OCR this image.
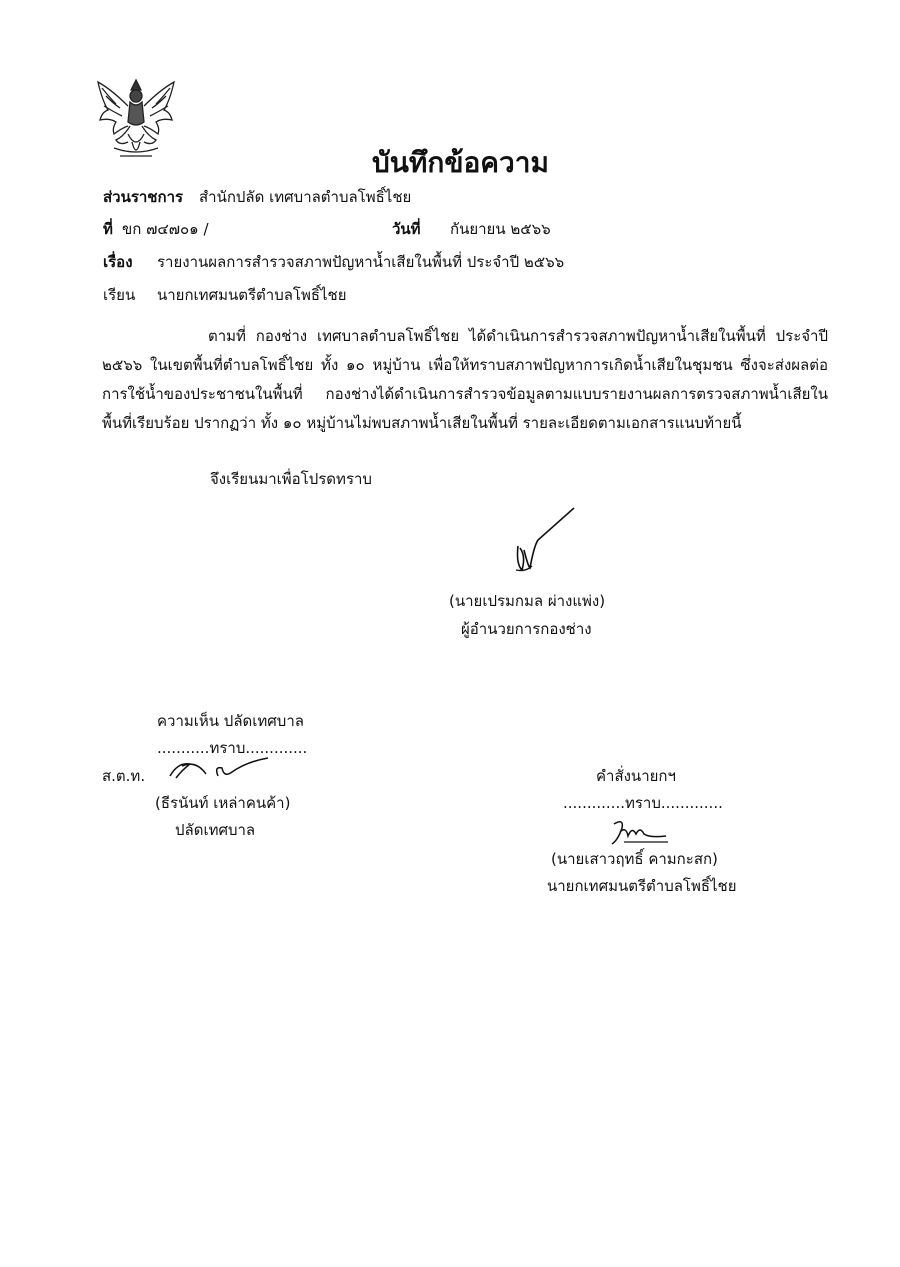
บันทึกข้อความ
ส่วนราชการ สำนักปลัด เทศบาลตำบลโพธิ์ไชย
ที่ ขก ๗๔๗๐๑ /	วันที่ กันยายน ๒๕๖๖
เรื่อง รายงานผลการสำรวจสภาพปัญหาน้ำเสียในพื้นที่ ประจำปี ๒๕๖๖
เรียน นายกเทศมนตรีตำบลโพธิ์ไชย
ตามที่ กองช่าง เทศบาลตำบลโพธิ์ไชย ได้ดำเนินการสำรวจสภาพปัญหาน้ำเสียในพื้นที่ ประจำปี ๒๕๖๖ ในเขตพื้นที่ตำบลโพธิ์ไชย ทั้ง ๑๐ หมู่บ้าน เพื่อให้ทราบสภาพปัญหาการเกิดน้ำเสียในชุมชน ซึ่งจะส่งผลต่อการใช้น้ำของประชาชนในพื้นที่ กองช่างได้ดำเนินการสำรวจข้อมูลตามแบบรายงานผลการตรวจสภาพน้ำเสียในพื้นที่เรียบร้อย ปรากฏว่า ทั้ง ๑๐ หมู่บ้านไม่พบสภาพน้ำเสียในพื้นที่ รายละเอียดตามเอกสารแนบท้ายนี้
จึงเรียนมาเพื่อโปรดทราบ
(นายเปรมกมล ผ่างแพ่ง)
ผู้อำนวยการกองช่าง
ความเห็น ปลัดเทศบาล
...........ทราบ.............
ส.ต.ท.
(ธีรนันท์ เหล่าคนค้า)
ปลัดเทศบาล
คำสั่งนายกฯ
.............ทราบ.............
(นายเสาวฤทธิ์ คามกะสก)
นายกเทศมนตรีตำบลโพธิ์ไชย
